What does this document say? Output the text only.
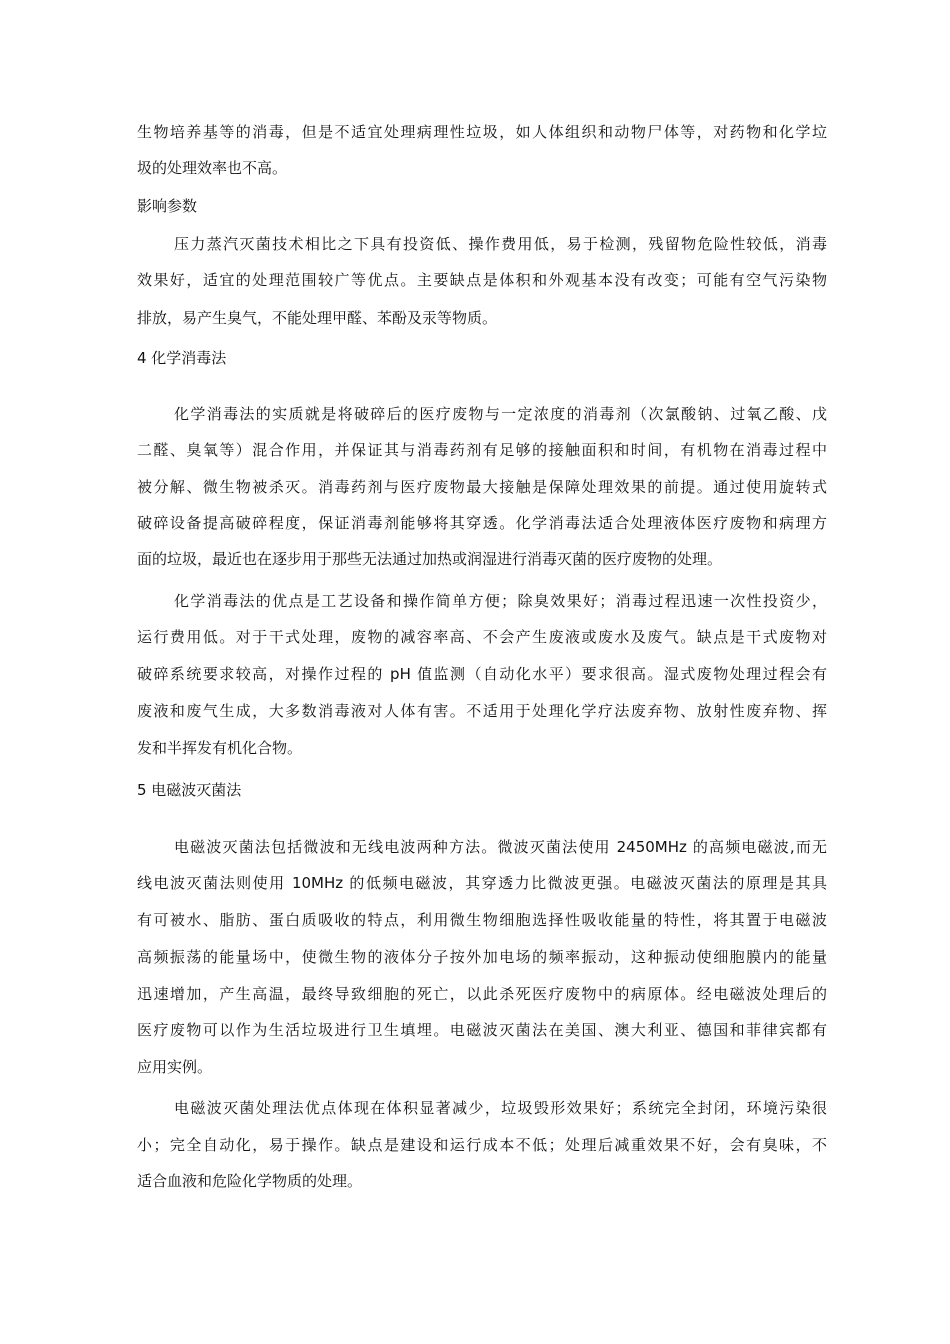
生物培养基等的消毒，但是不适宜处理病理性垃圾，如人体组织和动物尸体等，对药物和化学垃
圾的处理效率也不高。
影响参数
压力蒸汽灭菌技术相比之下具有投资低、操作费用低，易于检测，残留物危险性较低，消毒
效果好，适宜的处理范围较广等优点。主要缺点是体积和外观基本没有改变；可能有空气污染物
排放，易产生臭气，不能处理甲醛、苯酚及汞等物质。
4 化学消毒法
化学消毒法的实质就是将破碎后的医疗废物与一定浓度的消毒剂（次氯酸钠、过氧乙酸、戊
二醛、臭氧等）混合作用，并保证其与消毒药剂有足够的接触面积和时间，有机物在消毒过程中
被分解、微生物被杀灭。消毒药剂与医疗废物最大接触是保障处理效果的前提。通过使用旋转式
破碎设备提高破碎程度，保证消毒剂能够将其穿透。化学消毒法适合处理液体医疗废物和病理方
面的垃圾，最近也在逐步用于那些无法通过加热或润湿进行消毒灭菌的医疗废物的处理。
化学消毒法的优点是工艺设备和操作简单方便；除臭效果好；消毒过程迅速一次性投资少，
运行费用低。对于干式处理，废物的减容率高、不会产生废液或废水及废气。缺点是干式废物对
破碎系统要求较高，对操作过程的 pH 值监测（自动化水平）要求很高。湿式废物处理过程会有
废液和废气生成，大多数消毒液对人体有害。不适用于处理化学疗法废弃物、放射性废弃物、挥
发和半挥发有机化合物。
5 电磁波灭菌法
电磁波灭菌法包括微波和无线电波两种方法。微波灭菌法使用 2450MHz 的高频电磁波,而无
线电波灭菌法则使用 10MHz 的低频电磁波，其穿透力比微波更强。电磁波灭菌法的原理是其具
有可被水、脂肪、蛋白质吸收的特点，利用微生物细胞选择性吸收能量的特性，将其置于电磁波
高频振荡的能量场中，使微生物的液体分子按外加电场的频率振动，这种振动使细胞膜内的能量
迅速增加，产生高温，最终导致细胞的死亡，以此杀死医疗废物中的病原体。经电磁波处理后的
医疗废物可以作为生活垃圾进行卫生填埋。电磁波灭菌法在美国、澳大利亚、德国和菲律宾都有
应用实例。
电磁波灭菌处理法优点体现在体积显著减少，垃圾毁形效果好；系统完全封闭，环境污染很
小；完全自动化，易于操作。缺点是建设和运行成本不低；处理后减重效果不好，会有臭味，不
适合血液和危险化学物质的处理。
